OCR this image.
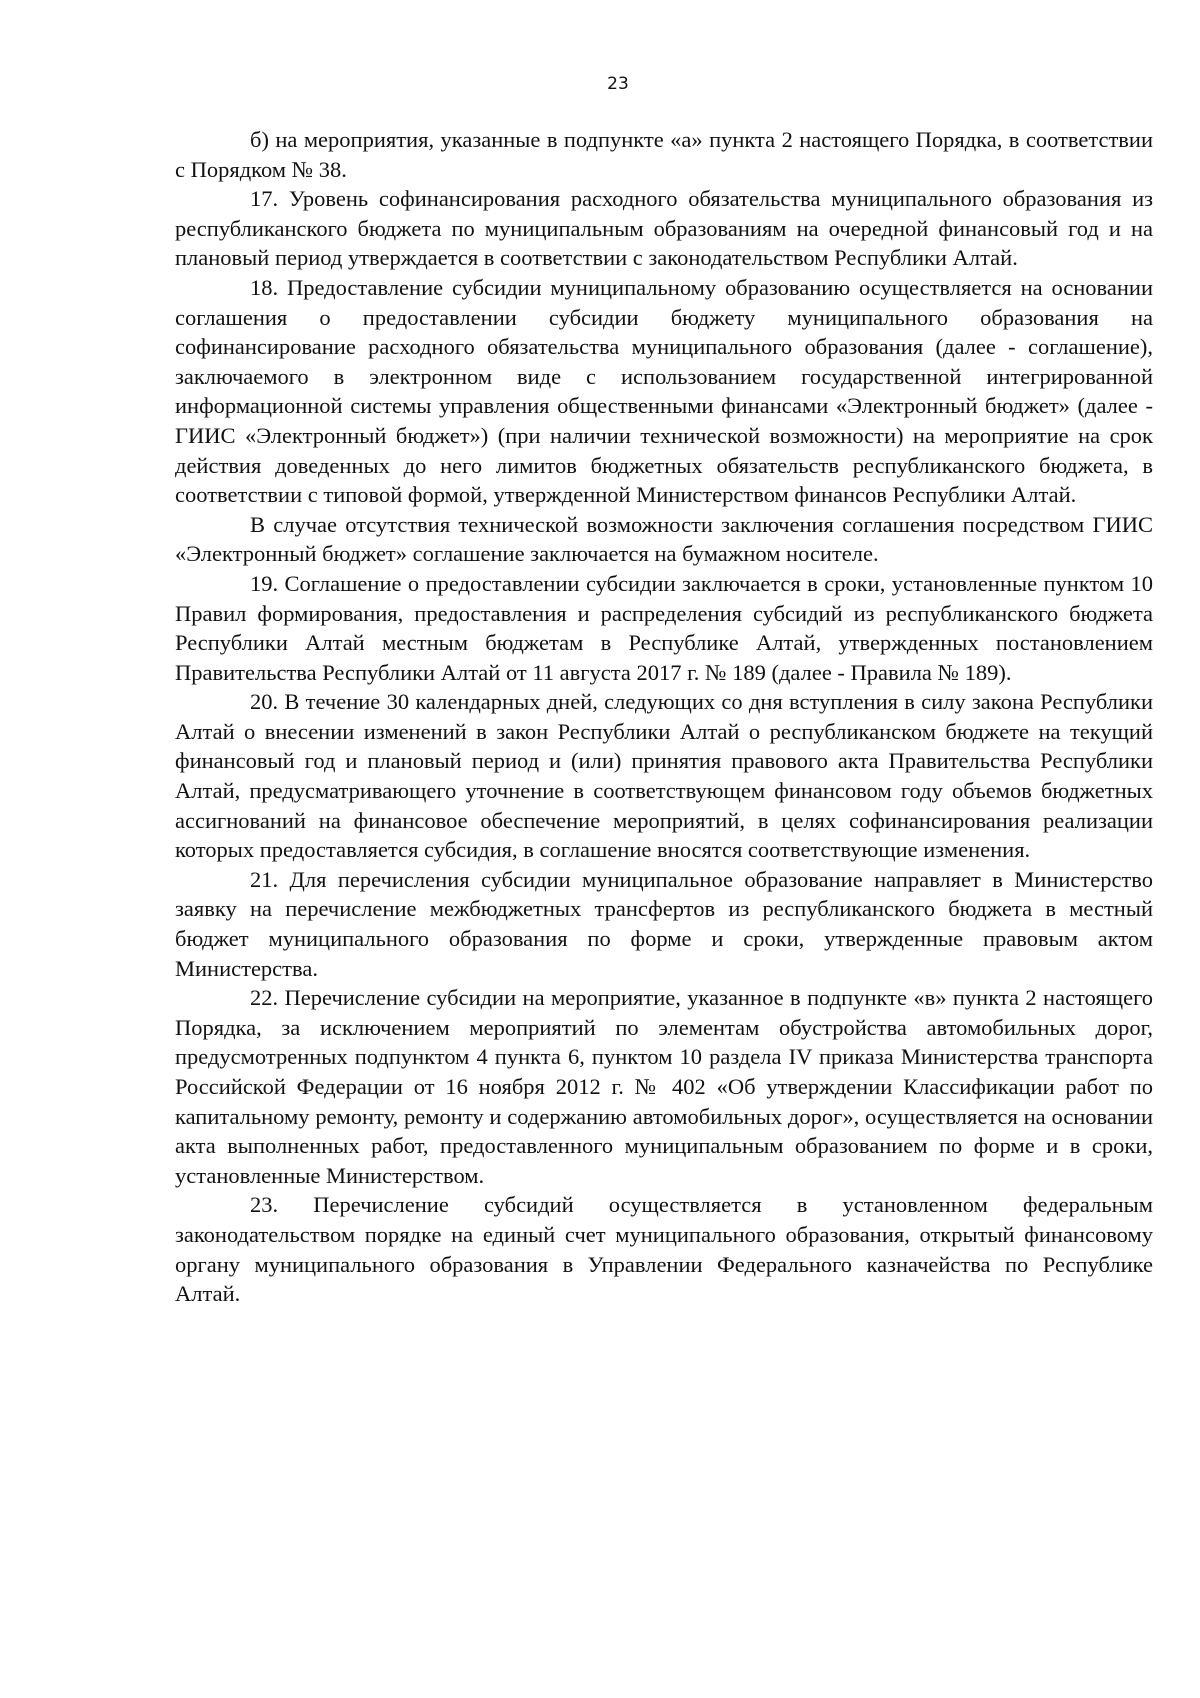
23

б) на мероприятия, указанные в подпункте «а» пункта 2 настоящего Порядка, в соответствии с Порядком № 38.

17. Уровень софинансирования расходного обязательства муниципального образования из республиканского бюджета по муниципальным образованиям на очередной финансовый год и на плановый период утверждается в соответствии с законодательством Республики Алтай.

18. Предоставление субсидии муниципальному образованию осуществляется на основании соглашения о предоставлении субсидии бюджету муниципального образования на софинансирование расходного обязательства муниципального образования (далее - соглашение), заключаемого в электронном виде с использованием государственной интегрированной информационной системы управления общественными финансами «Электронный бюджет» (далее - ГИИС «Электронный бюджет») (при наличии технической возможности) на мероприятие на срок действия доведенных до него лимитов бюджетных обязательств республиканского бюджета, в соответствии с типовой формой, утвержденной Министерством финансов Республики Алтай.

В случае отсутствия технической возможности заключения соглашения посредством ГИИС «Электронный бюджет» соглашение заключается на бумажном носителе.

19. Соглашение о предоставлении субсидии заключается в сроки, установленные пунктом 10 Правил формирования, предоставления и распределения субсидий из республиканского бюджета Республики Алтай местным бюджетам в Республике Алтай, утвержденных постановлением Правительства Республики Алтай от 11 августа 2017 г. № 189 (далее - Правила № 189).

20. В течение 30 календарных дней, следующих со дня вступления в силу закона Республики Алтай о внесении изменений в закон Республики Алтай о республиканском бюджете на текущий финансовый год и плановый период и (или) принятия правового акта Правительства Республики Алтай, предусматривающего уточнение в соответствующем финансовом году объемов бюджетных ассигнований на финансовое обеспечение мероприятий, в целях софинансирования реализации которых предоставляется субсидия, в соглашение вносятся соответствующие изменения.

21. Для перечисления субсидии муниципальное образование направляет в Министерство заявку на перечисление межбюджетных трансфертов из республиканского бюджета в местный бюджет муниципального образования по форме и сроки, утвержденные правовым актом Министерства.

22. Перечисление субсидии на мероприятие, указанное в подпункте «в» пункта 2 настоящего Порядка, за исключением мероприятий по элементам обустройства автомобильных дорог, предусмотренных подпунктом 4 пункта 6, пунктом 10 раздела IV приказа Министерства транспорта Российской Федерации от 16 ноября 2012 г. № 402 «Об утверждении Классификации работ по капитальному ремонту, ремонту и содержанию автомобильных дорог», осуществляется на основании акта выполненных работ, предоставленного муниципальным образованием по форме и в сроки, установленные Министерством.

23. Перечисление субсидий осуществляется в установленном федеральным законодательством порядке на единый счет муниципального образования, открытый финансовому органу муниципального образования в Управлении Федерального казначейства по Республике Алтай.
